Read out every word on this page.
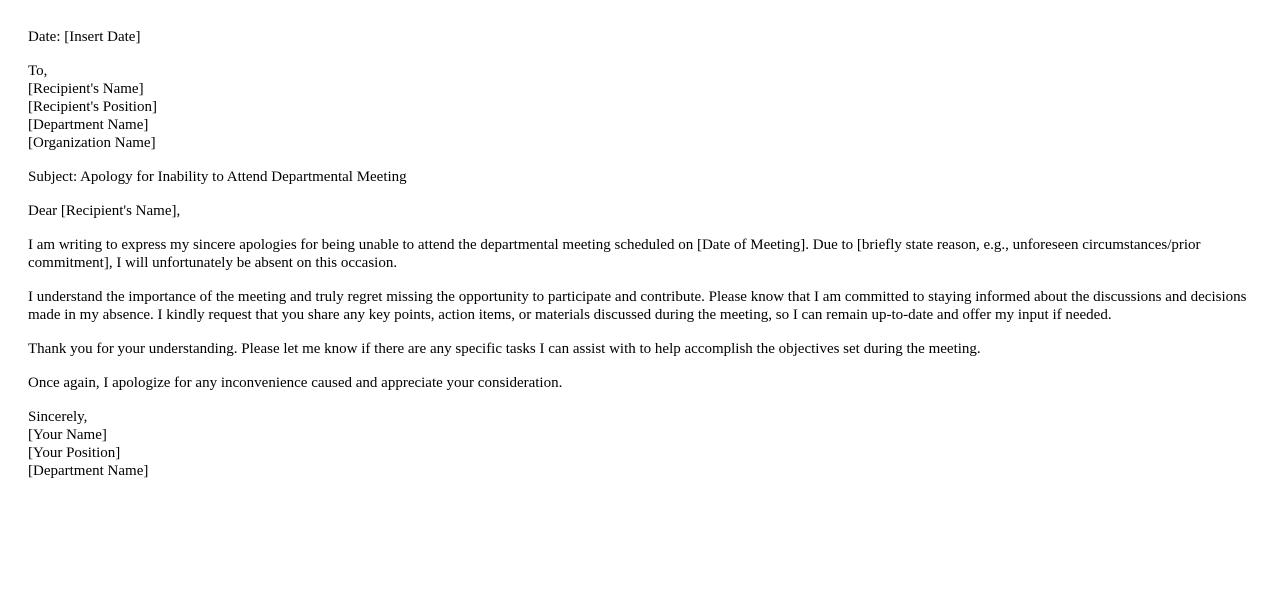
Date: [Insert Date]
To,
[Recipient's Name]
[Recipient's Position]
[Department Name]
[Organization Name]
Subject: Apology for Inability to Attend Departmental Meeting
Dear [Recipient's Name],
I am writing to express my sincere apologies for being unable to attend the departmental meeting scheduled on [Date of Meeting]. Due to [briefly state reason, e.g., unforeseen circumstances/prior commitment], I will unfortunately be absent on this occasion.
I understand the importance of the meeting and truly regret missing the opportunity to participate and contribute. Please know that I am committed to staying informed about the discussions and decisions made in my absence. I kindly request that you share any key points, action items, or materials discussed during the meeting, so I can remain up-to-date and offer my input if needed.
Thank you for your understanding. Please let me know if there are any specific tasks I can assist with to help accomplish the objectives set during the meeting.
Once again, I apologize for any inconvenience caused and appreciate your consideration.
Sincerely,
[Your Name]
[Your Position]
[Department Name]
